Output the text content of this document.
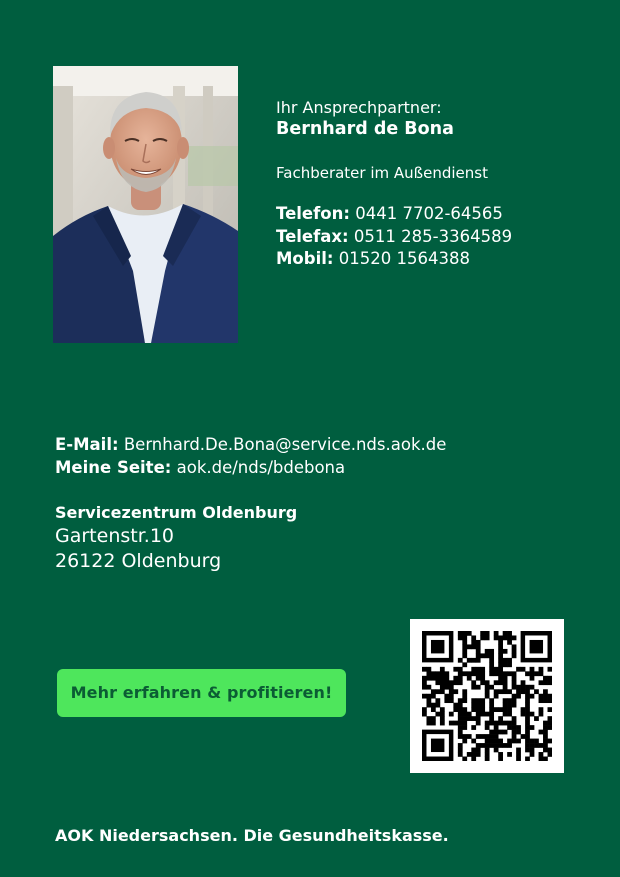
Ihr Ansprechpartner:
Bernhard de Bona
Fachberater im Außendienst
Telefon: 0441 7702-64565
Telefax: 0511 285-3364589
Mobil: 01520 1564388
E-Mail: Bernhard.De.Bona@service.nds.aok.de
Meine Seite: aok.de/nds/bdebona
Servicezentrum Oldenburg
Gartenstr.10
26122 Oldenburg
Mehr erfahren & profitieren!
AOK Niedersachsen. Die Gesundheitskasse.
